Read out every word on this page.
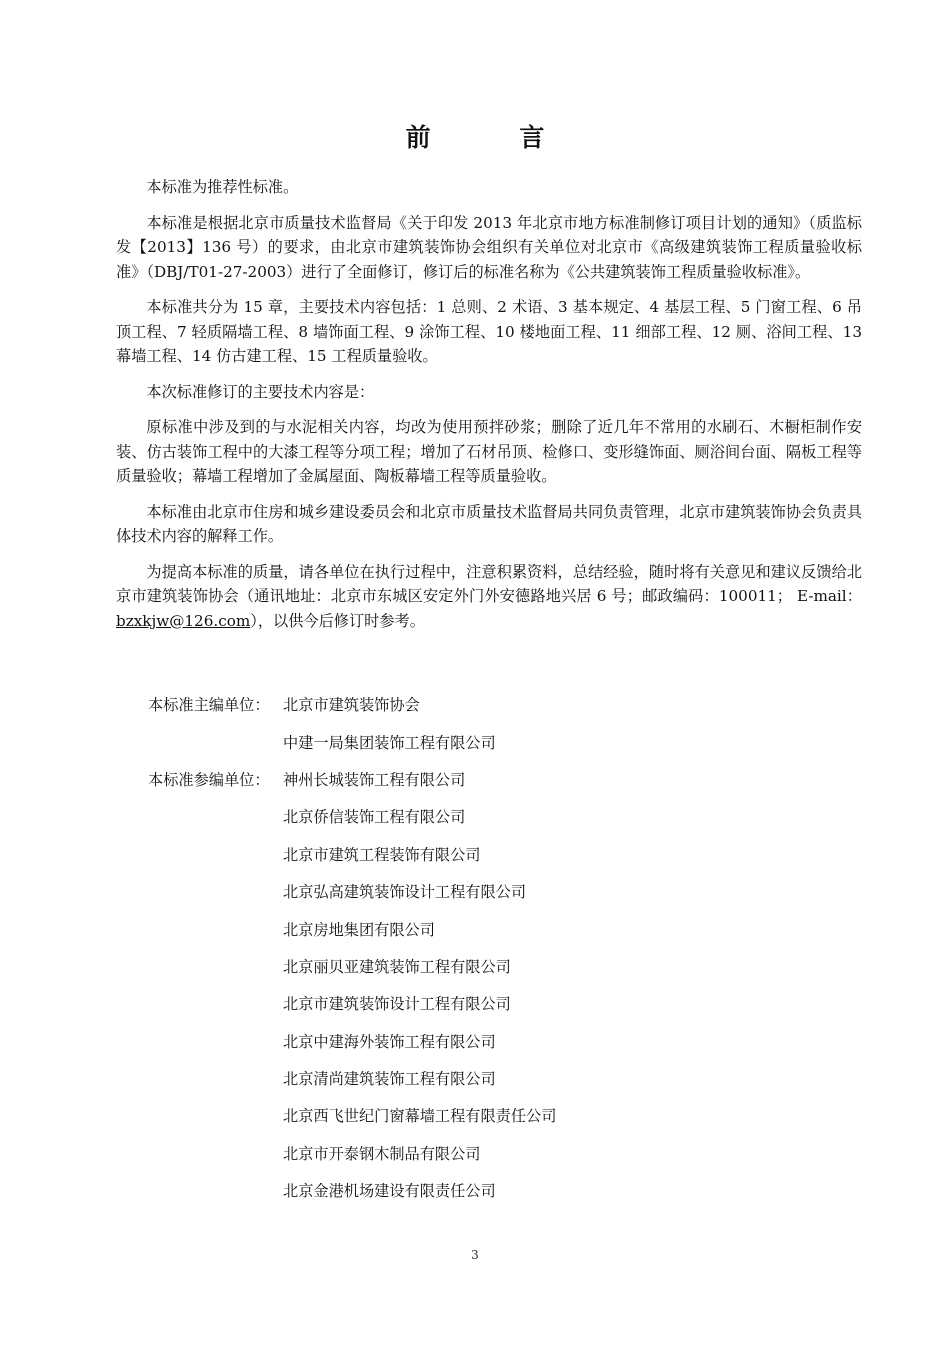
前 言

本标准为推荐性标准。

本标准是根据北京市质量技术监督局《关于印发 2013 年北京市地方标准制修订项目计划的通知》（质监标发【2013】136 号）的要求，由北京市建筑装饰协会组织有关单位对北京市《高级建筑装饰工程质量验收标准》（DBJ/T01-27-2003）进行了全面修订，修订后的标准名称为《公共建筑装饰工程质量验收标准》。

本标准共分为 15 章，主要技术内容包括：1 总则、2 术语、3 基本规定、4 基层工程、5 门窗工程、6 吊顶工程、7 轻质隔墙工程、8 墙饰面工程、9 涂饰工程、10 楼地面工程、11 细部工程、12 厕、浴间工程、13 幕墙工程、14 仿古建工程、15 工程质量验收。

本次标准修订的主要技术内容是：

原标准中涉及到的与水泥相关内容，均改为使用预拌砂浆；删除了近几年不常用的水刷石、木橱柜制作安装、仿古装饰工程中的大漆工程等分项工程；增加了石材吊顶、检修口、变形缝饰面、厕浴间台面、隔板工程等质量验收；幕墙工程增加了金属屋面、陶板幕墙工程等质量验收。

本标准由北京市住房和城乡建设委员会和北京市质量技术监督局共同负责管理，北京市建筑装饰协会负责具体技术内容的解释工作。

为提高本标准的质量，请各单位在执行过程中，注意积累资料，总结经验，随时将有关意见和建议反馈给北京市建筑装饰协会（通讯地址：北京市东城区安定外门外安德路地兴居 6 号；邮政编码：100011； E-mail：bzxkjw@126.com），以供今后修订时参考。

本标准主编单位： 北京市建筑装饰协会
中建一局集团装饰工程有限公司
本标准参编单位： 神州长城装饰工程有限公司
北京侨信装饰工程有限公司
北京市建筑工程装饰有限公司
北京弘高建筑装饰设计工程有限公司
北京房地集团有限公司
北京丽贝亚建筑装饰工程有限公司
北京市建筑装饰设计工程有限公司
北京中建海外装饰工程有限公司
北京清尚建筑装饰工程有限公司
北京西飞世纪门窗幕墙工程有限责任公司
北京市开泰钢木制品有限公司
北京金港机场建设有限责任公司
3
